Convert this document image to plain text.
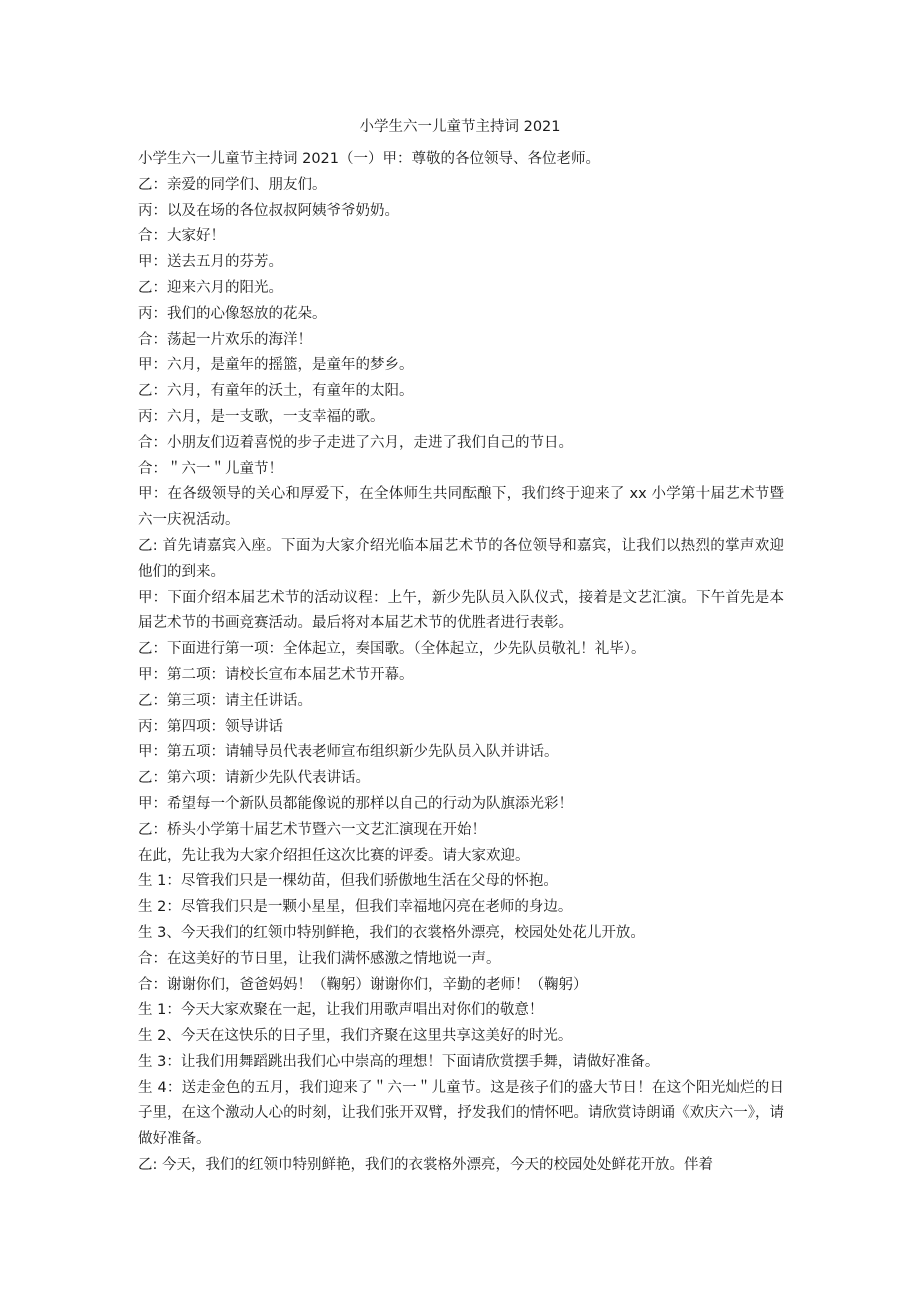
小学生六一儿童节主持词 2021

小学生六一儿童节主持词 2021（一）甲：尊敬的各位领导、各位老师。

乙：亲爱的同学们、朋友们。

丙：以及在场的各位叔叔阿姨爷爷奶奶。

合：大家好！

甲：送去五月的芬芳。

乙：迎来六月的阳光。

丙：我们的心像怒放的花朵。

合：荡起一片欢乐的海洋！

甲：六月，是童年的摇篮，是童年的梦乡。

乙：六月，有童年的沃土，有童年的太阳。

丙：六月，是一支歌，一支幸福的歌。

合：小朋友们迈着喜悦的步子走进了六月，走进了我们自己的节日。

合：＂六一＂儿童节！

甲：在各级领导的关心和厚爱下，在全体师生共同酝酿下，我们终于迎来了 xx 小学第十届艺术节暨六一庆祝活动。

乙: 首先请嘉宾入座。下面为大家介绍光临本届艺术节的各位领导和嘉宾，让我们以热烈的掌声欢迎他们的到来。

甲：下面介绍本届艺术节的活动议程：上午，新少先队员入队仪式，接着是文艺汇演。下午首先是本届艺术节的书画竞赛活动。最后将对本届艺术节的优胜者进行表彰。

乙：下面进行第一项：全体起立，奏国歌。（全体起立，少先队员敬礼！礼毕）。

甲：第二项：请校长宣布本届艺术节开幕。

乙：第三项：请主任讲话。

丙：第四项：领导讲话

甲：第五项：请辅导员代表老师宣布组织新少先队员入队并讲话。

乙：第六项：请新少先队代表讲话。

甲：希望每一个新队员都能像说的那样以自己的行动为队旗添光彩！

乙：桥头小学第十届艺术节暨六一文艺汇演现在开始！

在此，先让我为大家介绍担任这次比赛的评委。请大家欢迎。

生 1：尽管我们只是一棵幼苗，但我们骄傲地生活在父母的怀抱。

生 2：尽管我们只是一颗小星星，但我们幸福地闪亮在老师的身边。

生 3、今天我们的红领巾特别鲜艳，我们的衣裳格外漂亮，校园处处花儿开放。

合：在这美好的节日里，让我们满怀感激之情地说一声。

合：谢谢你们，爸爸妈妈！（鞠躬）谢谢你们，辛勤的老师！（鞠躬）

生 1：今天大家欢聚在一起，让我们用歌声唱出对你们的敬意！

生 2、今天在这快乐的日子里，我们齐聚在这里共享这美好的时光。

生 3：让我们用舞蹈跳出我们心中崇高的理想！下面请欣赏摆手舞，请做好准备。

生 4：送走金色的五月，我们迎来了＂六一＂儿童节。这是孩子们的盛大节日！在这个阳光灿烂的日子里，在这个激动人心的时刻，让我们张开双臂，抒发我们的情怀吧。请欣赏诗朗诵《欢庆六一》，请做好准备。

乙: 今天，我们的红领巾特别鲜艳，我们的衣裳格外漂亮，今天的校园处处鲜花开放。伴着
